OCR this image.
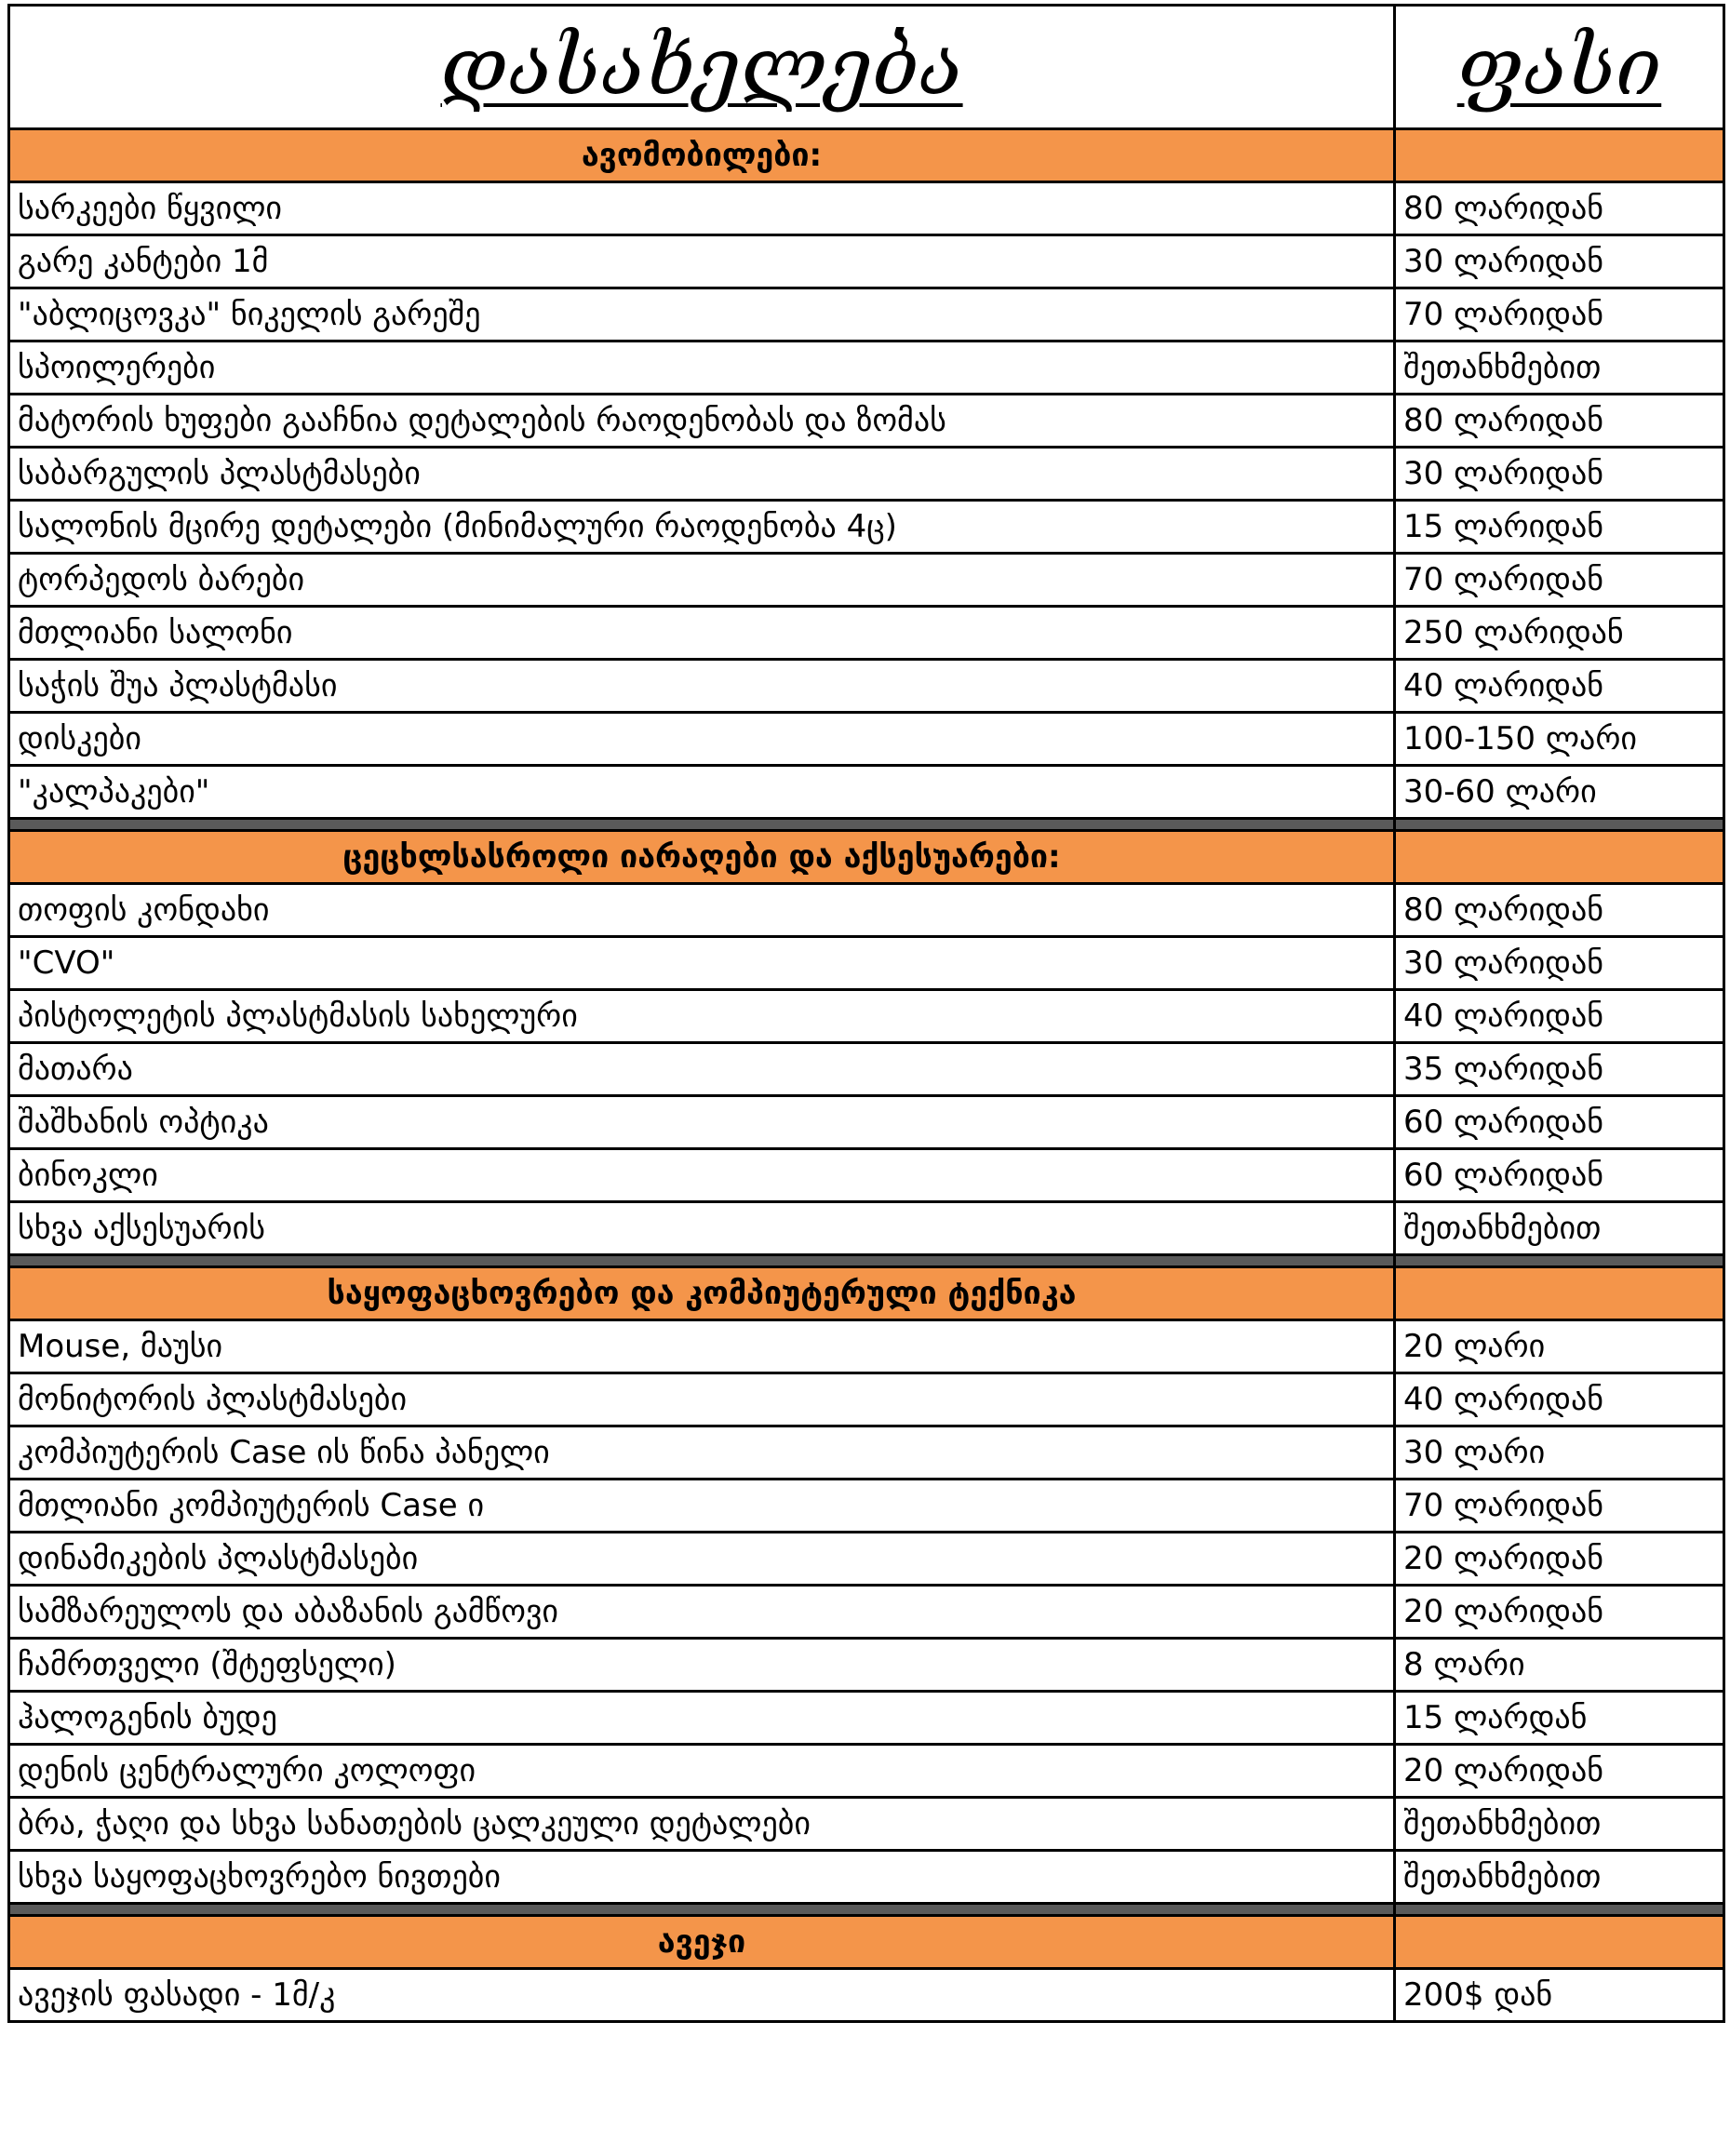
დასახელება	ფასი
ავომობილები:	
სარკეები წყვილი	80 ლარიდან
გარე კანტები 1მ	30 ლარიდან
"აბლიცოვკა" ნიკელის გარეშე	70 ლარიდან
სპოილერები	შეთანხმებით
მატორის ხუფები გააჩნია დეტალების რაოდენობას და ზომას	80 ლარიდან
საბარგულის პლასტმასები	30 ლარიდან
სალონის მცირე დეტალები (მინიმალური რაოდენობა 4ც)	15 ლარიდან
ტორპედოს ბარები	70 ლარიდან
მთლიანი სალონი	250 ლარიდან
საჭის შუა პლასტმასი	40 ლარიდან
დისკები	100-150 ლარი
"კალპაკები"	30-60 ლარი

ცეცხლსასროლი იარაღები და აქსესუარები:	
თოფის კონდახი	80 ლარიდან
"CVO"	30 ლარიდან
პისტოლეტის პლასტმასის სახელური	40 ლარიდან
მათარა	35 ლარიდან
შაშხანის ოპტიკა	60 ლარიდან
ბინოკლი	60 ლარიდან
სხვა აქსესუარის	შეთანხმებით

საყოფაცხოვრებო და კომპიუტერული ტექნიკა	
Mouse, მაუსი	20 ლარი
მონიტორის პლასტმასები	40 ლარიდან
კომპიუტერის Case ის წინა პანელი	30 ლარი
მთლიანი კომპიუტერის Case ი	70 ლარიდან
დინამიკების პლასტმასები	20 ლარიდან
სამზარეულოს და აბაზანის გამწოვი	20 ლარიდან
ჩამრთველი (შტეფსელი)	8 ლარი
ჰალოგენის ბუდე	15 ლარდან
დენის ცენტრალური კოლოფი	20 ლარიდან
ბრა, ჭაღი და სხვა სანათების ცალკეული დეტალები	შეთანხმებით
სხვა საყოფაცხოვრებო ნივთები	შეთანხმებით

ავეჯი	
ავეჯის ფასადი - 1მ/კ	200$ დან
